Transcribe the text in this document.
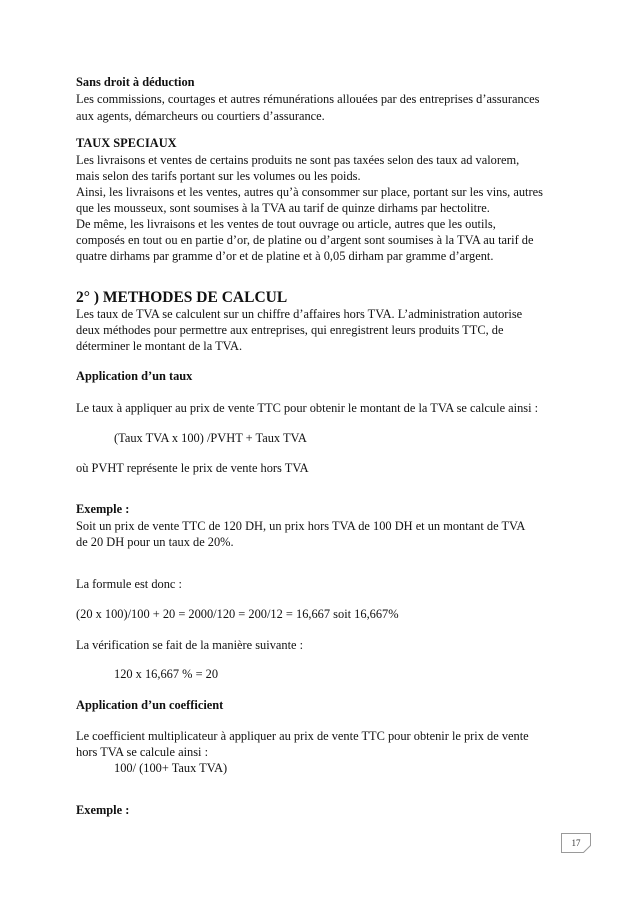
Sans droit à déduction
Les commissions, courtages et autres rémunérations allouées par des entreprises d’assurances
aux agents, démarcheurs ou courtiers d’assurance.
TAUX SPECIAUX
Les livraisons et ventes de certains produits ne sont pas taxées selon des taux ad valorem,
mais selon des tarifs portant sur les volumes ou les poids.
Ainsi, les livraisons et les ventes, autres qu’à consommer sur place, portant sur les vins, autres
que les mousseux, sont soumises à la TVA au tarif de quinze dirhams par hectolitre.
De même, les livraisons et les ventes de tout ouvrage ou article, autres que les outils,
composés en tout ou en partie d’or, de platine ou d’argent sont soumises à la TVA au tarif de
quatre dirhams par gramme d’or et de platine et à 0,05 dirham par gramme d’argent.
2° ) METHODES DE CALCUL
Les taux de TVA se calculent sur un chiffre d’affaires hors TVA. L’administration autorise
deux méthodes pour permettre aux entreprises, qui enregistrent leurs produits TTC, de
déterminer le montant de la TVA.
Application d’un taux
Le taux à appliquer au prix de vente TTC pour obtenir le montant de la TVA se calcule ainsi :
(Taux TVA x 100) /PVHT + Taux TVA
où PVHT représente le prix de vente hors TVA
Exemple :
Soit un prix de vente TTC de 120 DH, un prix hors TVA de 100 DH et un montant de TVA
de 20 DH pour un taux de 20%.
La formule est donc :
(20 x 100)/100 + 20 = 2000/120 = 200/12 = 16,667 soit 16,667%
La vérification se fait de la manière suivante :
120 x 16,667 % = 20
Application d’un coefficient
Le coefficient multiplicateur à appliquer au prix de vente TTC pour obtenir le prix de vente
hors TVA se calcule ainsi :
100/ (100+ Taux TVA)
Exemple :
17
